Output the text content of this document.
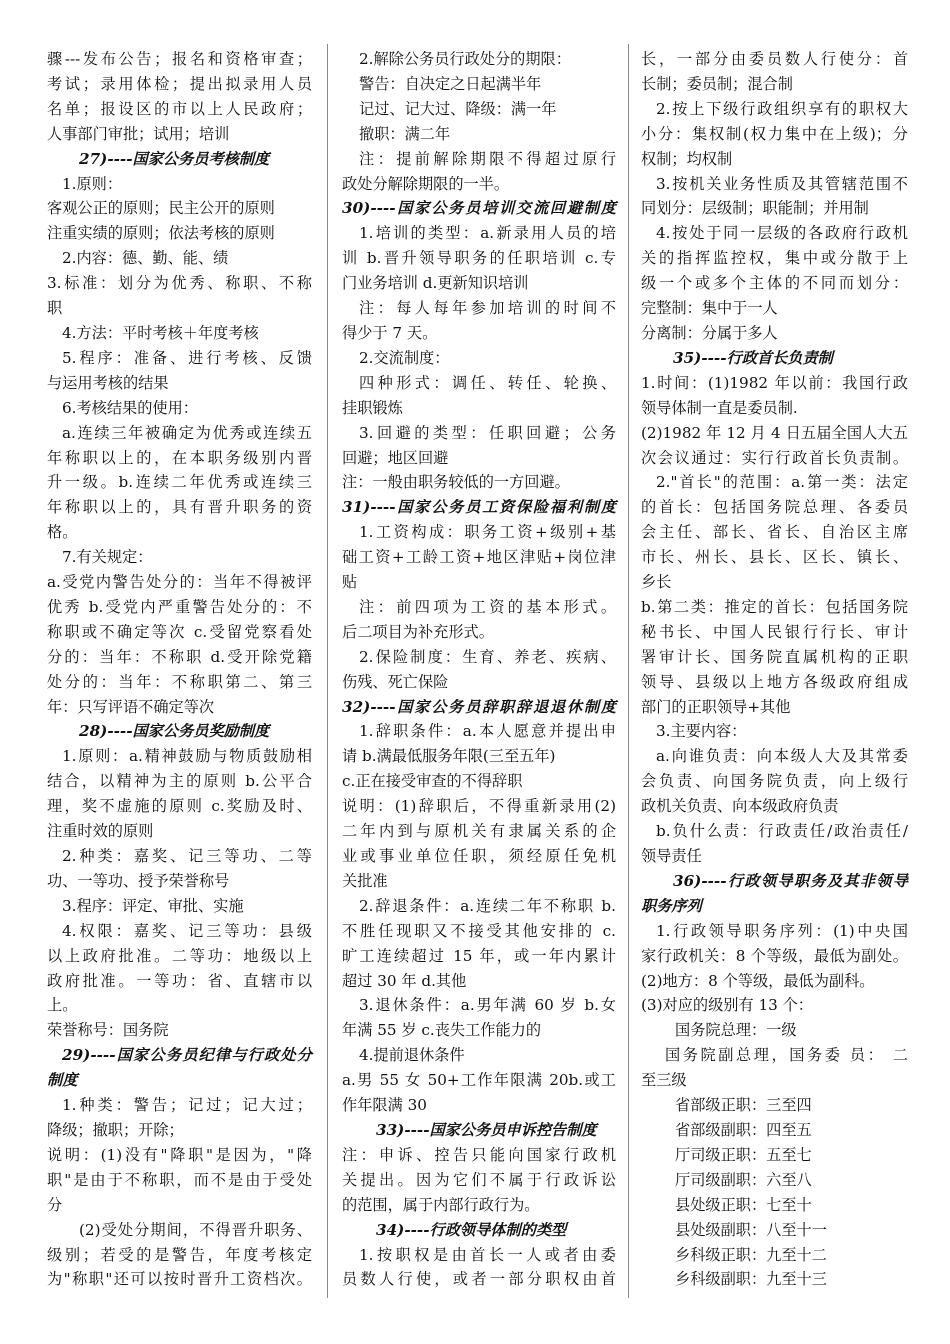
骤---发布公告；报名和资格审查；
考试；录用体检；提出拟录用人员
名单；报设区的市以上人民政府；
人事部门审批；试用；培训
27)----国家公务员考核制度
1.原则：
客观公正的原则；民主公开的原则
注重实绩的原则；依法考核的原则
2.内容：德、勤、能、绩
3.标准：划分为优秀、称职、不称
职
4.方法：平时考核＋年度考核
5.程序：准备、进行考核、反馈
与运用考核的结果
6.考核结果的使用：
a.连续三年被确定为优秀或连续五
年称职以上的，在本职务级别内晋
升一级。b.连续二年优秀或连续三
年称职以上的，具有晋升职务的资
格。
7.有关规定：
a.受党内警告处分的：当年不得被评
优秀 b.受党内严重警告处分的：不
称职或不确定等次 c.受留党察看处
分的：当年：不称职 d.受开除党籍
处分的：当年：不称职第二、第三
年：只写评语不确定等次
28)----国家公务员奖励制度
1.原则：a.精神鼓励与物质鼓励相
结合，以精神为主的原则 b.公平合
理，奖不虚施的原则 c.奖励及时、
注重时效的原则
2.种类：嘉奖、记三等功、二等
功、一等功、授予荣誉称号
3.程序：评定、审批、实施
4.权限：嘉奖、记三等功：县级
以上政府批准。二等功：地级以上
政府批准。一等功：省、直辖市以
上。
荣誉称号：国务院
29)----国家公务员纪律与行政处分
制度
1.种类：警告；记过；记大过；
降级；撤职；开除；
说明：(1)没有"降职"是因为，"降
职"是由于不称职，而不是由于受处
分
(2)受处分期间，不得晋升职务、
级别；若受的是警告，年度考核定
为"称职"还可以按时晋升工资档次。
2.解除公务员行政处分的期限：
警告：自决定之日起满半年
记过、记大过、降级：满一年
撤职：满二年
注：提前解除期限不得超过原行
政处分解除期限的一半。
30)----国家公务员培训交流回避制度
1.培训的类型：a.新录用人员的培
训 b.晋升领导职务的任职培训 c.专
门业务培训 d.更新知识培训
注：每人每年参加培训的时间不
得少于 7 天。
2.交流制度：
四种形式：调任、转任、轮换、
挂职锻炼
3.回避的类型：任职回避；公务
回避；地区回避
注：一般由职务较低的一方回避。
31)----国家公务员工资保险福利制度
1.工资构成：职务工资+级别+基
础工资+工龄工资+地区津贴+岗位津
贴
注：前四项为工资的基本形式。
后二项目为补充形式。
2.保险制度：生育、养老、疾病、
伤残、死亡保险
32)----国家公务员辞职辞退退休制度
1.辞职条件：a.本人愿意并提出申
请 b.满最低服务年限(三至五年)
c.正在接受审查的不得辞职
说明：(1)辞职后，不得重新录用(2)
二年内到与原机关有隶属关系的企
业或事业单位任职，须经原任免机
关批准
2.辞退条件：a.连续二年不称职 b.
不胜任现职又不接受其他安排的 c.
旷工连续超过 15 年，或一年内累计
超过 30 年 d.其他
3.退休条件：a.男年满 60 岁 b.女
年满 55 岁 c.丧失工作能力的
4.提前退休条件
a.男 55 女 50+工作年限满 20b.或工
作年限满 30
33)----国家公务员申诉控告制度
注：申诉、控告只能向国家行政机
关提出。因为它们不属于行政诉讼
的范围，属于内部行政行为。
34)----行政领导体制的类型
1.按职权是由首长一人或者由委
员数人行使，或者一部分职权由首
长，一部分由委员数人行使分：首
长制；委员制；混合制
2.按上下级行政组织享有的职权大
小分：集权制(权力集中在上级)；分
权制；均权制
3.按机关业务性质及其管辖范围不
同划分：层级制；职能制；并用制
4.按处于同一层级的各政府行政机
关的指挥监控权，集中或分散于上
级一个或多个主体的不同而划分：
完整制：集中于一人
分离制：分属于多人
35)----行政首长负责制
1.时间：(1)1982 年以前：我国行政
领导体制一直是委员制.
(2)1982 年 12 月 4 日五届全国人大五
次会议通过：实行行政首长负责制。
2."首长"的范围：a.第一类：法定
的首长：包括国务院总理、各委员
会主任、部长、省长、自治区主席
市长、州长、县长、区长、镇长、
乡长
b.第二类：推定的首长：包括国务院
秘书长、中国人民银行行长、审计
署审计长、国务院直属机构的正职
领导、县级以上地方各级政府组成
部门的正职领导+其他
3.主要内容：
a.向谁负责：向本级人大及其常委
会负责、向国务院负责，向上级行
政机关负责、向本级政府负责
b.负什么责：行政责任/政治责任/
领导责任
36)----行政领导职务及其非领导
职务序列
1.行政领导职务序列：(1)中央国
家行政机关：8 个等级，最低为副处。
(2)地方：8 个等级，最低为副科。
(3)对应的级别有 13 个：
国务院总理：一级
国务院副总理，国务委 员： 二
至三级
省部级正职：三至四
省部级副职：四至五
厅司级正职：五至七
厅司级副职：六至八
县处级正职：七至十
县处级副职：八至十一
乡科级正职：九至十二
乡科级副职：九至十三
